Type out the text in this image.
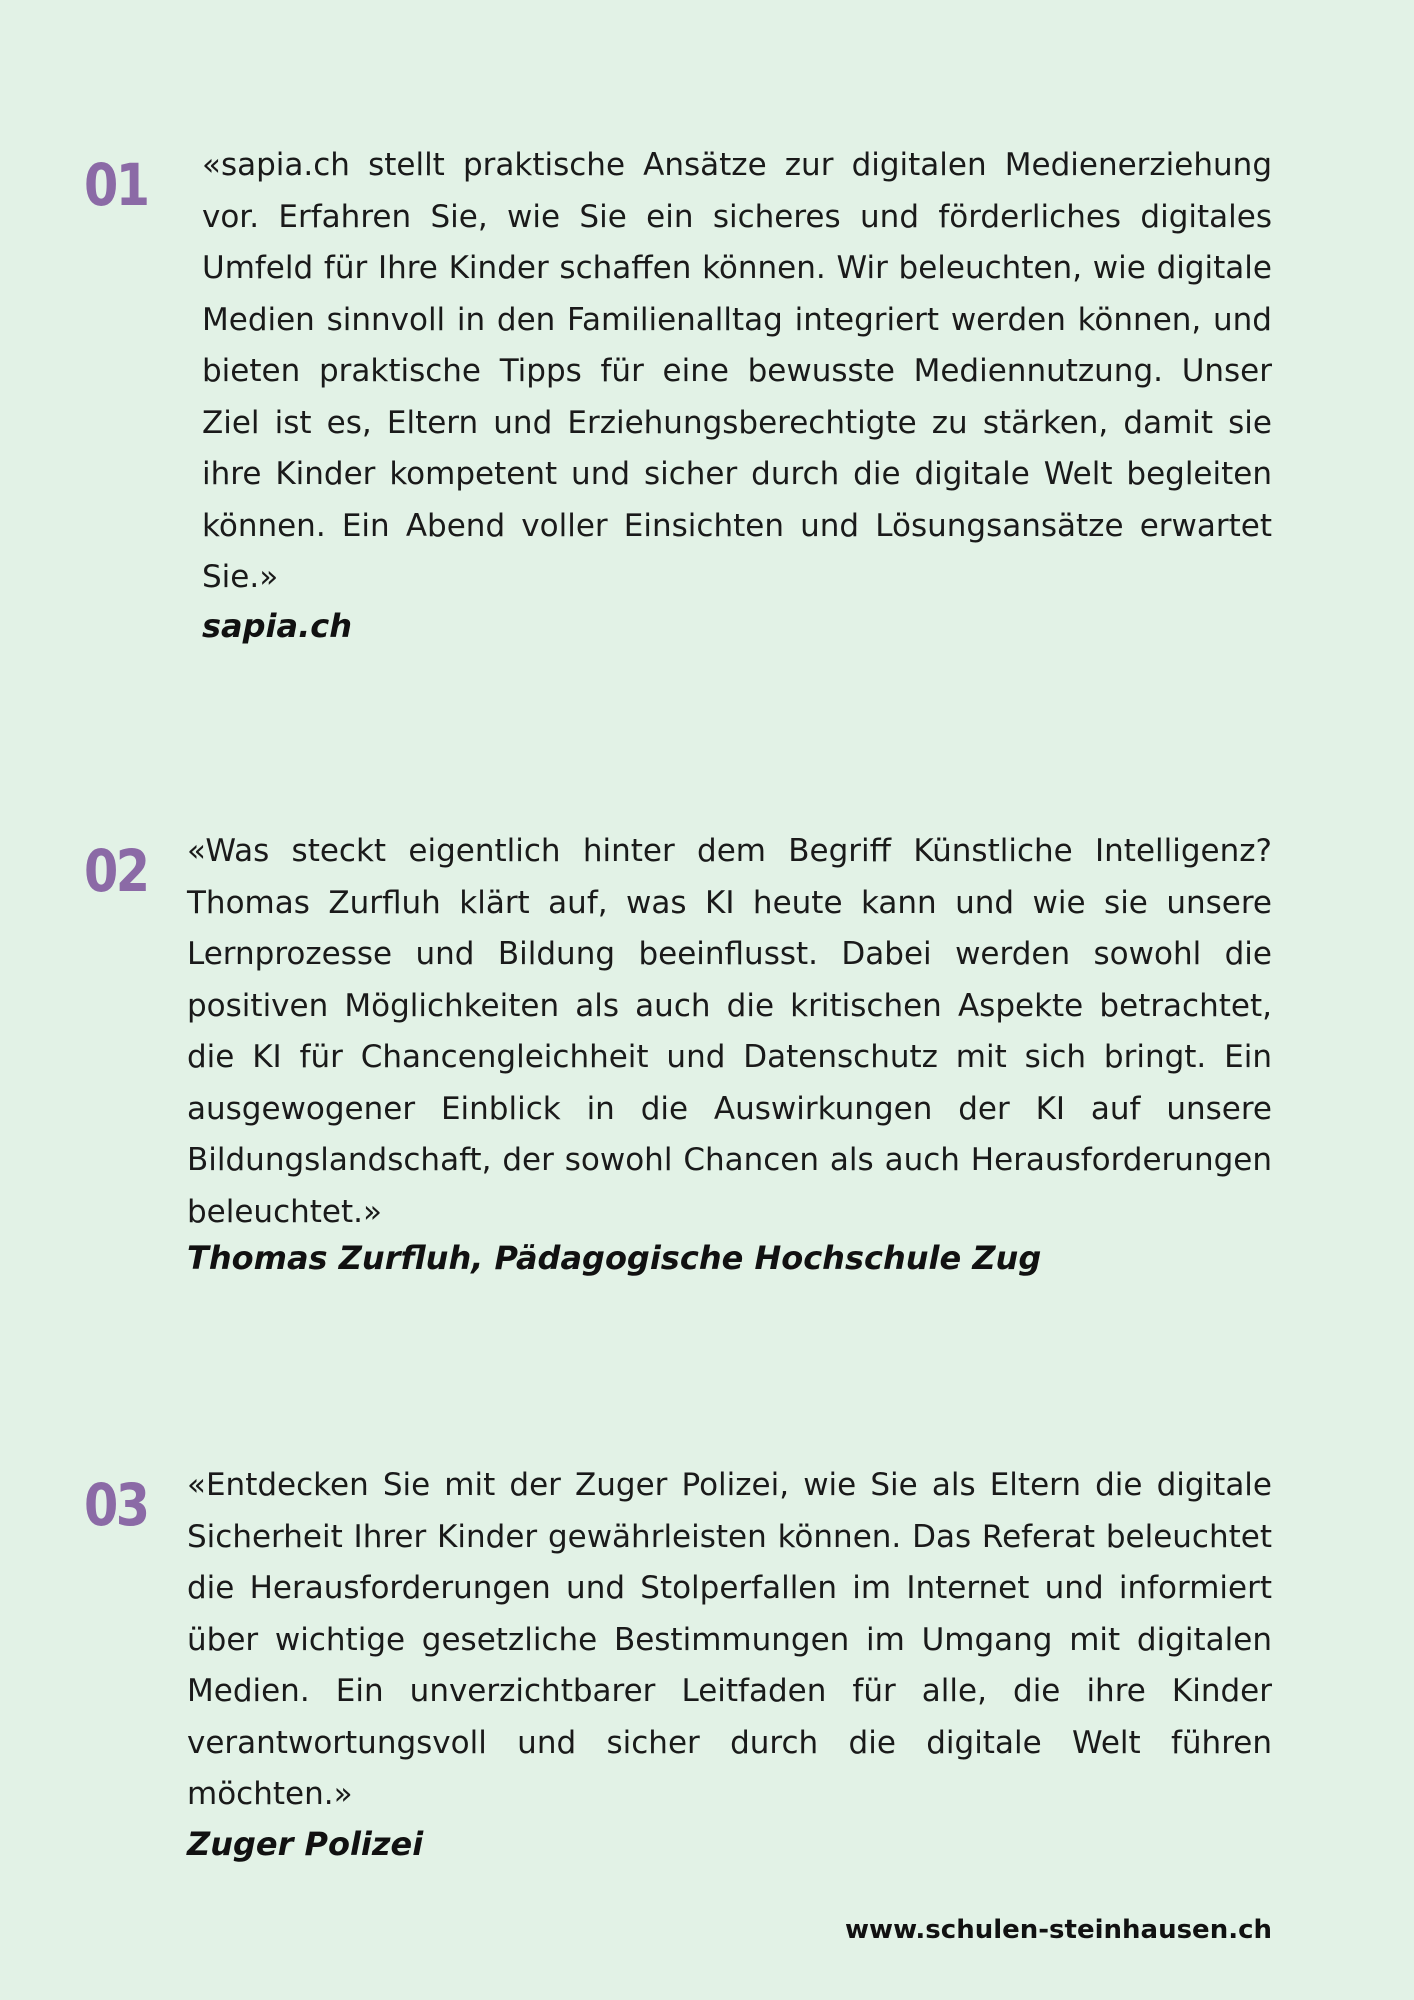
01 «sapia.ch stellt praktische Ansätze zur digitalen Medienerziehung vor. Erfahren Sie, wie Sie ein sicheres und förderliches digitales Umfeld für Ihre Kinder schaffen können. Wir beleuchten, wie digitale Medien sinnvoll in den Familienalltag integriert werden können, und bieten praktische Tipps für eine bewusste Mediennutzung. Unser Ziel ist es, Eltern und Erziehungsberechtigte zu stärken, damit sie ihre Kinder kompetent und sicher durch die digitale Welt begleiten können. Ein Abend voller Einsichten und Lösungsansätze erwartet Sie.»

sapia.ch

02 «Was steckt eigentlich hinter dem Begriff Künstliche Intelligenz? Thomas Zurfluh klärt auf, was KI heute kann und wie sie unsere Lernprozesse und Bildung beeinflusst. Dabei werden sowohl die positiven Möglichkeiten als auch die kritischen Aspekte betrachtet, die KI für Chancengleichheit und Datenschutz mit sich bringt. Ein ausgewogener Einblick in die Auswirkungen der KI auf unsere Bildungslandschaft, der sowohl Chancen als auch Herausforderungen beleuchtet.»

Thomas Zurfluh, Pädagogische Hochschule Zug

03 «Entdecken Sie mit der Zuger Polizei, wie Sie als Eltern die digitale Sicherheit Ihrer Kinder gewährleisten können. Das Referat beleuchtet die Herausforderungen und Stolperfallen im Internet und informiert über wichtige gesetzliche Bestimmungen im Umgang mit digitalen Medien. Ein unverzichtbarer Leitfaden für alle, die ihre Kinder verantwortungsvoll und sicher durch die digitale Welt führen möchten.»

Zuger Polizei

www.schulen-steinhausen.ch
